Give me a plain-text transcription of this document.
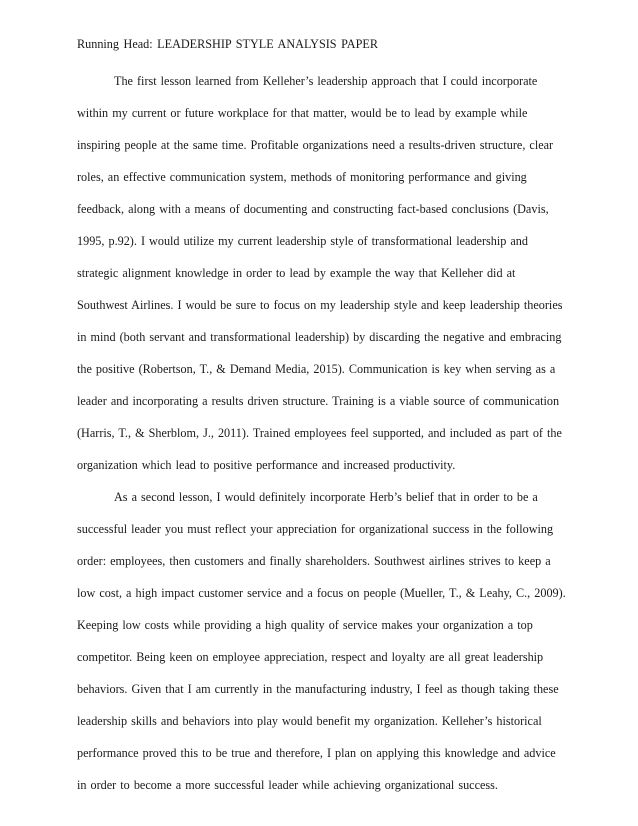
Running Head: LEADERSHIP STYLE ANALYSIS PAPER
The first lesson learned from Kelleher’s leadership approach that I could incorporate
within my current or future workplace for that matter, would be to lead by example while
inspiring people at the same time. Profitable organizations need a results-driven structure, clear
roles, an effective communication system, methods of monitoring performance and giving
feedback, along with a means of documenting and constructing fact-based conclusions (Davis,
1995, p.92). I would utilize my current leadership style of transformational leadership and
strategic alignment knowledge in order to lead by example the way that Kelleher did at
Southwest Airlines. I would be sure to focus on my leadership style and keep leadership theories
in mind (both servant and transformational leadership) by discarding the negative and embracing
the positive (Robertson, T., & Demand Media, 2015). Communication is key when serving as a
leader and incorporating a results driven structure. Training is a viable source of communication
(Harris, T., & Sherblom, J., 2011). Trained employees feel supported, and included as part of the
organization which lead to positive performance and increased productivity.
As a second lesson, I would definitely incorporate Herb’s belief that in order to be a
successful leader you must reflect your appreciation for organizational success in the following
order: employees, then customers and finally shareholders. Southwest airlines strives to keep a
low cost, a high impact customer service and a focus on people (Mueller, T., & Leahy, C., 2009).
Keeping low costs while providing a high quality of service makes your organization a top
competitor. Being keen on employee appreciation, respect and loyalty are all great leadership
behaviors. Given that I am currently in the manufacturing industry, I feel as though taking these
leadership skills and behaviors into play would benefit my organization. Kelleher’s historical
performance proved this to be true and therefore, I plan on applying this knowledge and advice
in order to become a more successful leader while achieving organizational success.
